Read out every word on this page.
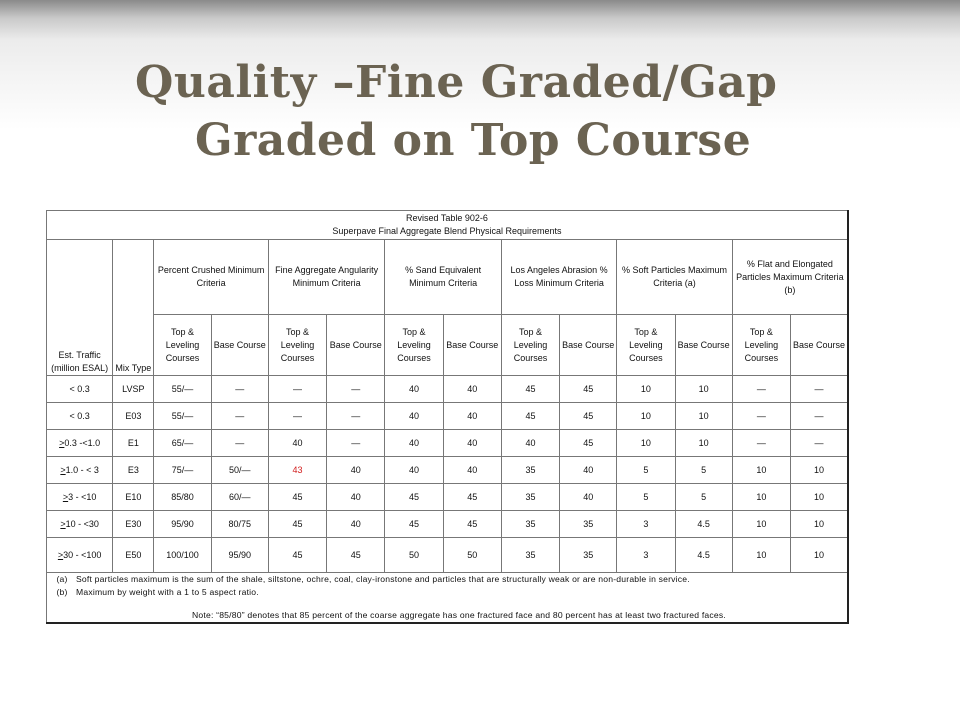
Quality –Fine Graded/Gap
Graded on Top Course
Revised Table 902-6
Superpave Final Aggregate Blend Physical Requirements													
Est. Traffic (million ESAL)	Mix Type	Percent Crushed Minimum Criteria		Fine Aggregate Angularity Minimum Criteria		% Sand Equivalent Minimum Criteria		Los Angeles Abrasion % Loss Minimum Criteria		% Soft Particles Maximum Criteria (a)		% Flat and Elongated Particles Maximum Criteria (b)	
		Top & Leveling Courses	Base Course	Top & Leveling Courses	Base Course	Top & Leveling Courses	Base Course	Top & Leveling Courses	Base Course	Top & Leveling Courses	Base Course	Top & Leveling Courses	Base Course
< 0.3	LVSP	55/—	—	—	—	40	40	45	45	10	10	—	—
< 0.3	E03	55/—	—	—	—	40	40	45	45	10	10	—	—
>0.3 -<1.0	E1	65/—	—	40	—	40	40	40	45	10	10	—	—
>1.0 - < 3	E3	75/—	50/—	43	40	40	40	35	40	5	5	10	10
>3 - <10	E10	85/80	60/—	45	40	45	45	35	40	5	5	10	10
>10 - <30	E30	95/90	80/75	45	40	45	45	35	35	3	4.5	10	10
>30 - <100	E50	100/100	95/90	45	45	50	50	35	35	3	4.5	10	10

(a) Soft particles maximum is the sum of the shale, siltstone, ochre, coal, clay-ironstone and particles that are structurally weak or are non-durable in service.
(b) Maximum by weight with a 1 to 5 aspect ratio.
Note: “85/80” denotes that 85 percent of the coarse aggregate has one fractured face and 80 percent has at least two fractured faces.													
